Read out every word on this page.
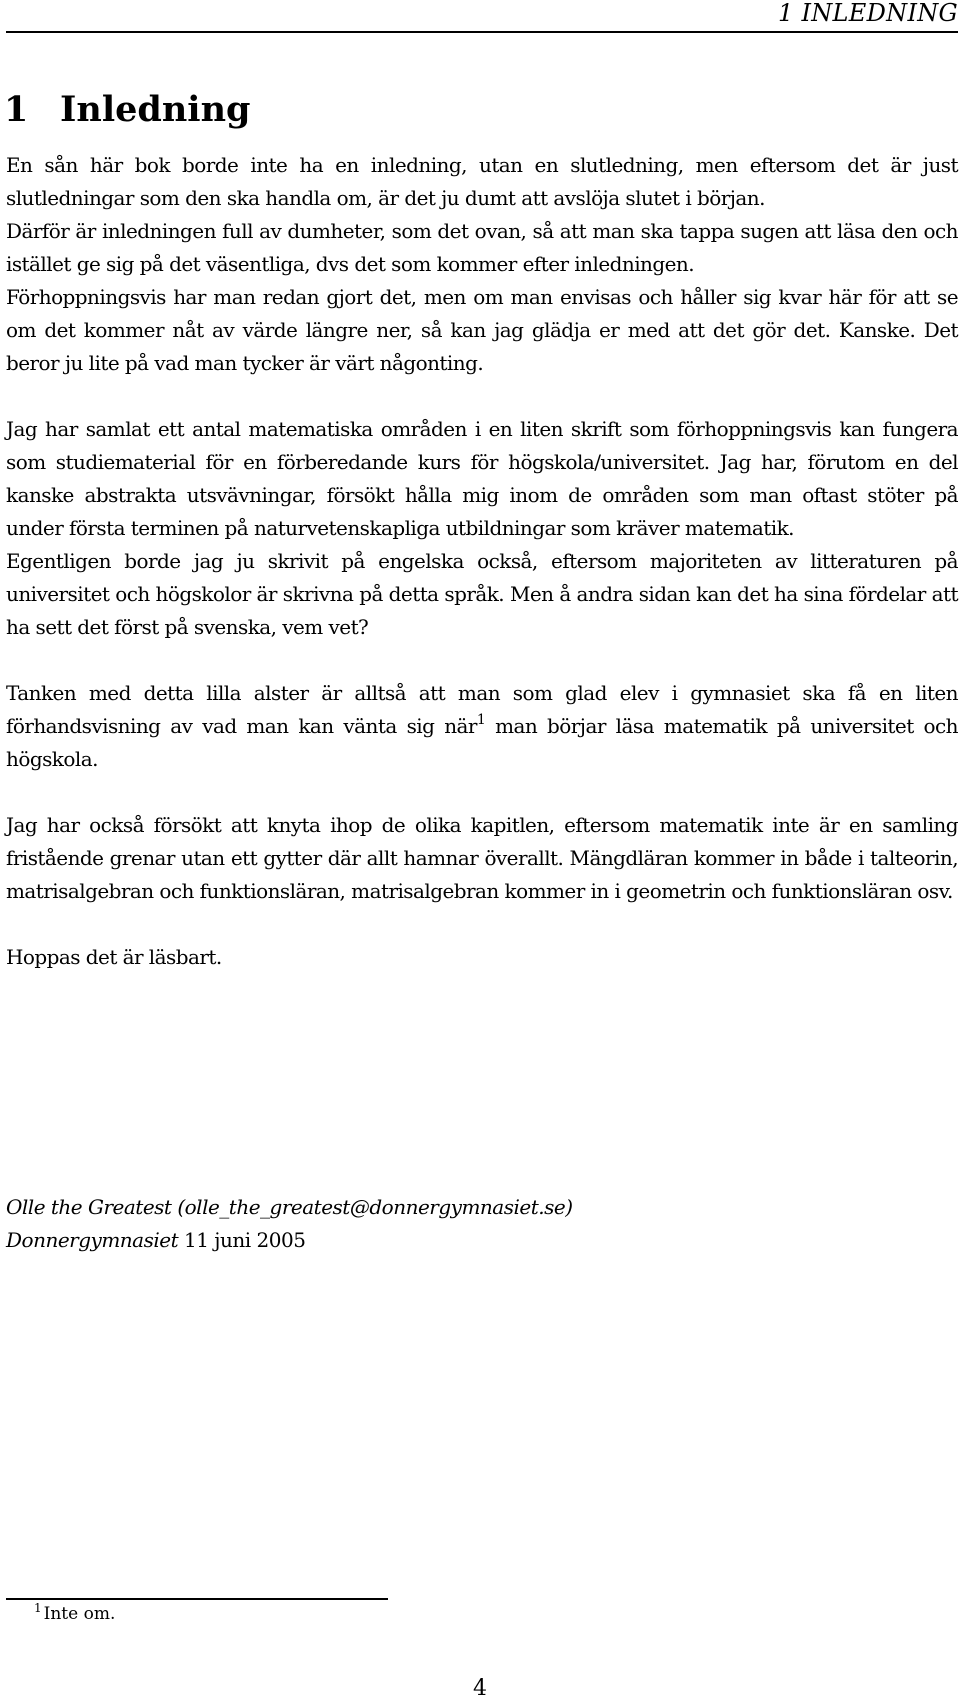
1 INLEDNING
1 Inledning

En sån här bok borde inte ha en inledning, utan en slutledning, men eftersom det är just slutledningar som den ska handla om, är det ju dumt att avslöja slutet i början.

Därför är inledningen full av dumheter, som det ovan, så att man ska tappa sugen att läsa den och istället ge sig på det väsentliga, dvs det som kommer efter inledningen.

Förhoppningsvis har man redan gjort det, men om man envisas och håller sig kvar här för att se om det kommer nåt av värde längre ner, så kan jag glädja er med att det gör det. Kanske. Det beror ju lite på vad man tycker är värt någonting.

Jag har samlat ett antal matematiska områden i en liten skrift som förhoppningsvis kan fungera som studiematerial för en förberedande kurs för högskola/universitet. Jag har, förutom en del kanske abstrakta utsvävningar, försökt hålla mig inom de områden som man oftast stöter på under första terminen på naturvetenskapliga utbildningar som kräver matematik.

Egentligen borde jag ju skrivit på engelska också, eftersom majoriteten av litteraturen på universitet och högskolor är skrivna på detta språk. Men å andra sidan kan det ha sina fördelar att ha sett det först på svenska, vem vet?

Tanken med detta lilla alster är alltså att man som glad elev i gymnasiet ska få en liten förhandsvisning av vad man kan vänta sig när$^1$ man börjar läsa matematik på universitet och högskola.

Jag har också försökt att knyta ihop de olika kapitlen, eftersom matematik inte är en samling fristående grenar utan ett gytter där allt hamnar överallt. Mängdläran kommer in både i talteorin, matrisalgebran och funktionsläran, matrisalgebran kommer in i geometrin och funktionsläran osv.

Hoppas det är läsbart.

Olle the Greatest (olle_the_greatest@donnergymnasiet.se)
Donnergymnasiet 11 juni 2005
$^1$ Inte om.
4
